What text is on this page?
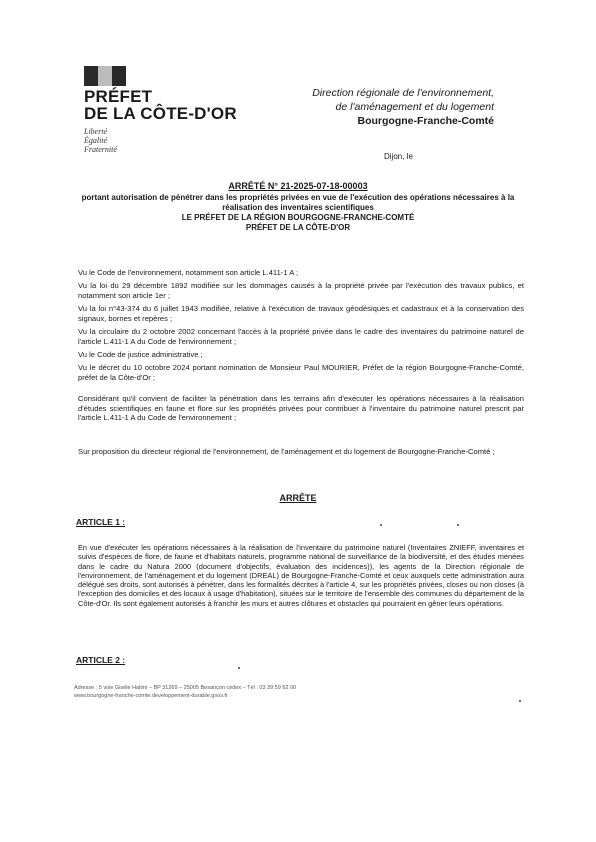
PRÉFET
DE LA CÔTE-D'OR
Liberté
Égalité
Fraternité
Direction régionale de l'environnement,
de l'aménagement et du logement
Bourgogne-Franche-Comté
Dijon, le
ARRÊTÉ N° 21-2025-07-18-00003
portant autorisation de pénétrer dans les propriétés privées en vue de l'exécution des opérations nécessaires à la réalisation des inventaires scientifiques
LE PRÉFET DE LA RÉGION BOURGOGNE-FRANCHE-COMTÉ
PRÉFET DE LA CÔTE-D'OR
Vu le Code de l'environnement, notamment son article L.411-1 A ;
Vu la loi du 29 décembre 1892 modifiée sur les dommages causés à la propriété privée par l'exécution des travaux publics, et notamment son article 1er ;
Vu la loi n°43-374 du 6 juillet 1943 modifiée, relative à l'exécution de travaux géodésiques et cadastraux et à la conservation des signaux, bornes et repères ;
Vu la circulaire du 2 octobre 2002 concernant l'accès à la propriété privée dans le cadre des inventaires du patrimoine naturel de l'article L.411-1 A du Code de l'environnement ;
Vu le Code de justice administrative ;
Vu le décret du 10 octobre 2024 portant nomination de Monsieur Paul MOURIER, Préfet de la région Bourgogne-Franche-Comté, préfet de la Côte-d'Or ;
Considérant qu'il convient de faciliter la pénétration dans les terrains afin d'exécuter les opérations nécessaires à la réalisation d'études scientifiques en faune et flore sur les propriétés privées pour contribuer à l'inventaire du patrimoine naturel prescrit par l'article L.411-1 A du Code de l'environnement ;
Sur proposition du directeur régional de l'environnement, de l'aménagement et du logement de Bourgogne-Franche-Comté ;
ARRÊTE
ARTICLE 1 :
En vue d'exécuter les opérations nécessaires à la réalisation de l'inventaire du patrimoine naturel (Inventaires ZNIEFF, inventaires et suivis d'espèces de flore, de faune et d'habitats naturels, programme national de surveillance de la biodiversité, et des études menées dans le cadre du Natura 2000 (document d'objectifs, évaluation des incidences)), les agents de la Direction régionale de l'environnement, de l'aménagement et du logement (DREAL) de Bourgogne-Franche-Comté et ceux auxquels cette administration aura délégué ses droits, sont autorisés à pénétrer, dans les formalités décrites à l'article 4, sur les propriétés privées, closes ou non closes (à l'exception des domiciles et des locaux à usage d'habitation), situées sur le territoire de l'ensemble des communes du département de la Côte-d'Or. Ils sont également autorisés à franchir les murs et autres clôtures et obstacles qui pourraient en gêner leurs opérations.
ARTICLE 2 :
Adresse : 5 voie Gisèle Halimi – BP 31269 – 25005 Besançon cedex – Tél : 03 39 59 62 00
www.bourgogne-franche-comte.developpement-durable.gouv.fr
